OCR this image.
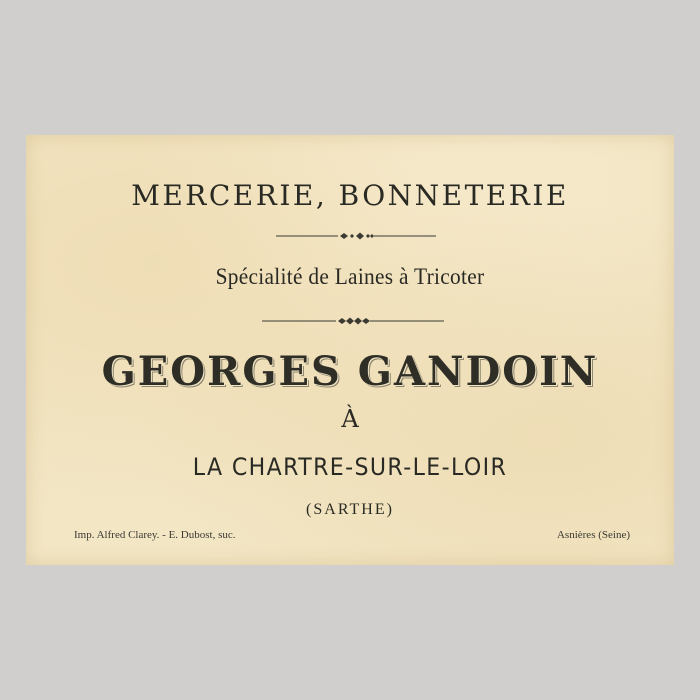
MERCERIE, BONNETERIE
Spécialité de Laines à Tricoter
GEORGES GANDOIN
À
LA CHARTRE-SUR-LE-LOIR
(SARTHE)
Imp. Alfred Clarey. - E. Dubost, suc.	Asnières (Seine)
